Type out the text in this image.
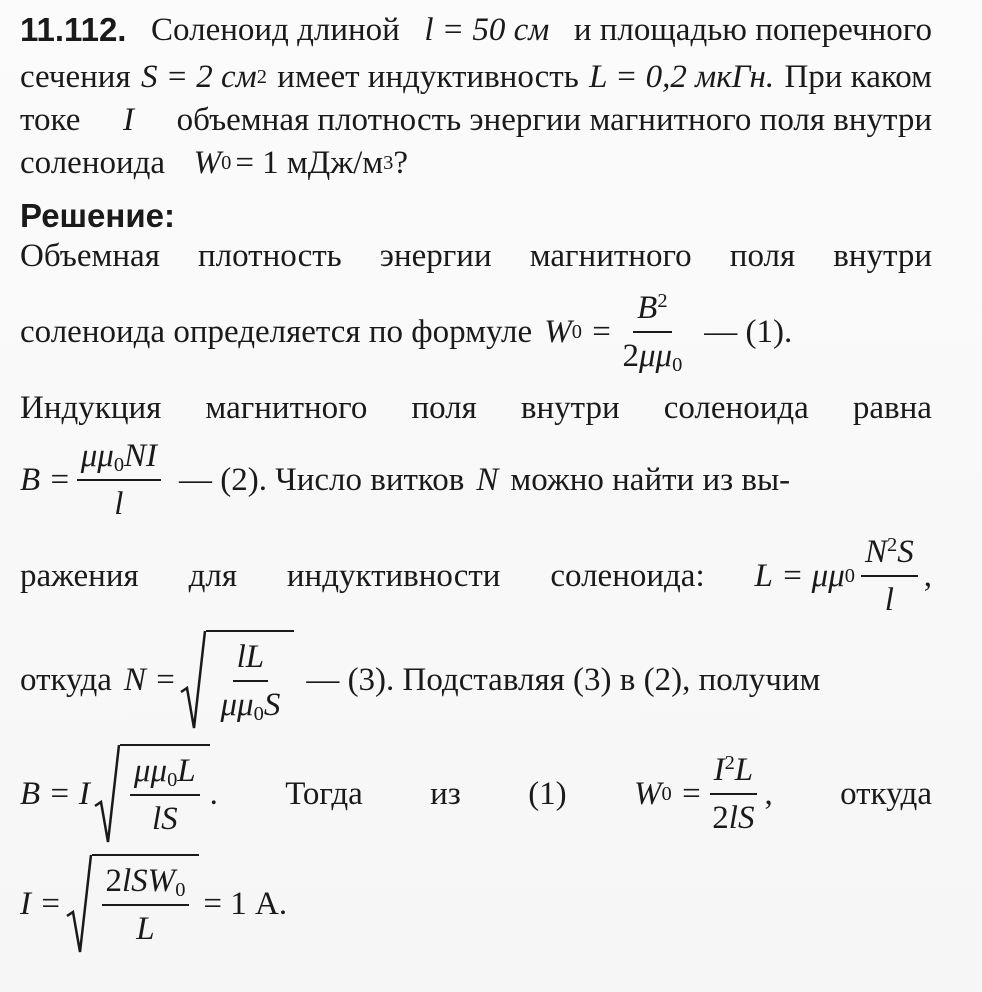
11.112. Соленоид длиной l = 50 см и площадью поперечного
сечения S = 2 см 2 имеет индуктивность L = 0,2 мкГн. При каком
токе I объемная плотность энергии магнитного поля внутри
соленоида W 0 = 1 мДж/м 3 ?
Решение:
Объемная плотность энергии магнитного поля внутри
соленоида определяется по формуле W $0 = \frac{B^2}{2\mu\mu_0}$ — (1).
Индукция магнитного поля внутри соленоида равна
$B = \frac{\mu\mu_0NI}{l}$ — (2). Число витков N можно найти из вы-
ражения для индуктивности соленоида: L = μμ $0 \frac{N^2S}{l}$ ,
откуда $N = \frac{lL}{\mu\mu_0S}$ — (3). Подставляя (3) в (2), получим
B = I $\frac{\mu\mu_0L}{lS}$ . Тогда из (1) W $0 = \frac{I^2L}{2lS}$ , откуда
$I = \frac{2lSW_0}{L} = 1$ А.
